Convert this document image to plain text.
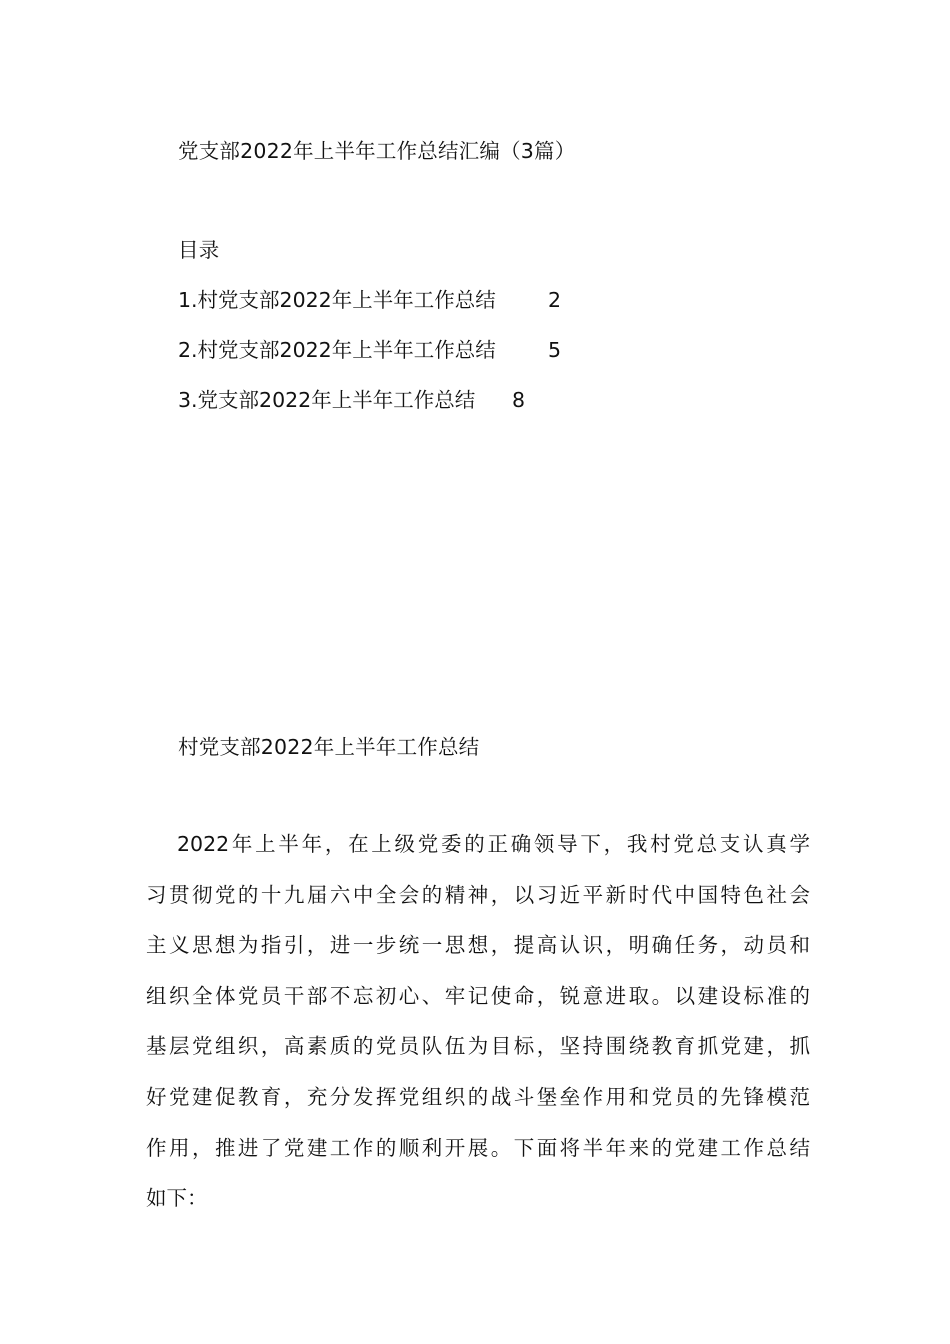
党支部2022年上半年工作总结汇编（3篇）
目录
1.村党支部2022年上半年工作总结	2
2.村党支部2022年上半年工作总结	5
3.党支部2022年上半年工作总结 8
村党支部2022年上半年工作总结
2022年上半年，在上级党委的正确领导下，我村党总支认真学
习贯彻党的十九届六中全会的精神，以习近平新时代中国特色社会
主义思想为指引，进一步统一思想，提高认识，明确任务，动员和
组织全体党员干部不忘初心、牢记使命，锐意进取。以建设标准的
基层党组织，高素质的党员队伍为目标，坚持围绕教育抓党建，抓
好党建促教育，充分发挥党组织的战斗堡垒作用和党员的先锋模范
作用，推进了党建工作的顺利开展。下面将半年来的党建工作总结
如下：
